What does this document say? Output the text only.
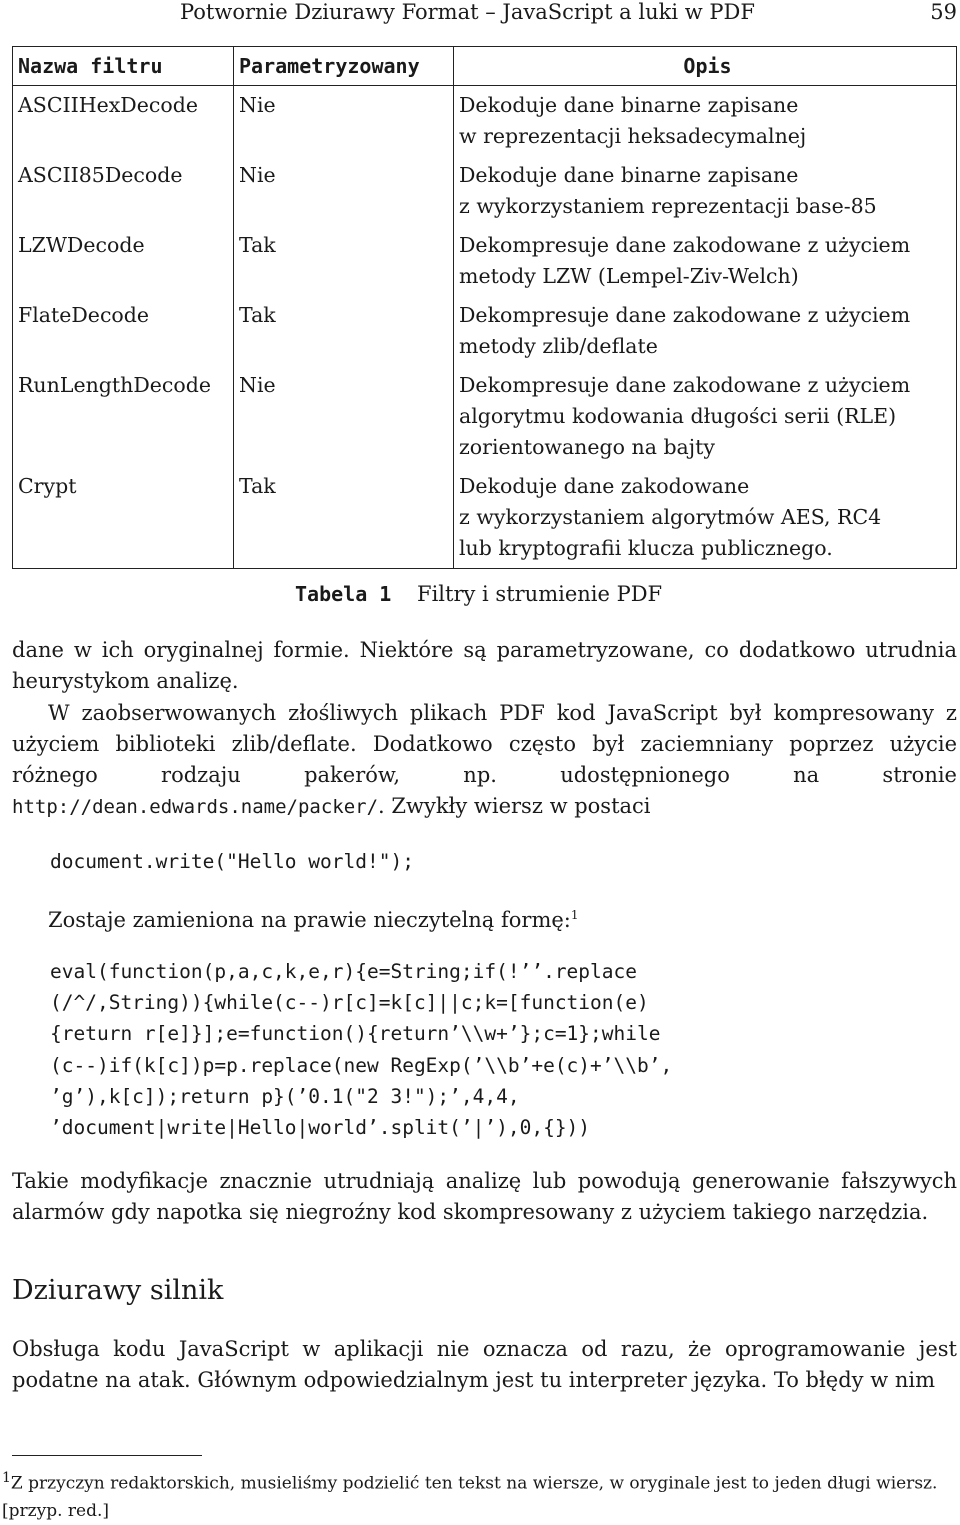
Potwornie Dziurawy Format – JavaScript a luki w PDF	59
Nazwa filtru	Parametryzowany	Opis
ASCIIHexDecode	Nie	Dekoduje dane binarne zapisane
w reprezentacji heksadecymalnej

ASCII85Decode	Nie	Dekoduje dane binarne zapisane
z wykorzystaniem reprezentacji base-85

LZWDecode	Tak	Dekompresuje dane zakodowane z użyciem
metody LZW (Lempel-Ziv-Welch)

FlateDecode	Tak	Dekompresuje dane zakodowane z użyciem
metody zlib/deflate

RunLengthDecode	Nie	Dekompresuje dane zakodowane z użyciem
algorytmu kodowania długości serii (RLE)
zorientowanego na bajty

Crypt	Tak	Dekoduje dane zakodowane
z wykorzystaniem algorytmów AES, RC4
lub kryptografii klucza publicznego.
Tabela 1 Filtry i strumienie PDF
dane w ich oryginalnej formie. Niektóre są parametryzowane, co dodatkowo utrudnia heurystykom analizę.
W zaobserwowanych złośliwych plikach PDF kod JavaScript był kompresowany z użyciem biblioteki zlib/deflate. Dodatkowo często był zaciemniany poprzez użycie różnego rodzaju pakerów, np. udostępnionego na stronie http://dean.edwards.name/packer/. Zwykły wiersz w postaci
document.write("Hello world!");
Zostaje zamieniona na prawie nieczytelną formę:$^1$
eval(function(p,a,c,k,e,r){e=String;if(!’’.replace
(/^/,String)){while(c--)r[c]=k[c]||c;k=[function(e)
{return r[e]}];e=function(){return’\\w+’};c=1};while
(c--)if(k[c])p=p.replace(new RegExp(’\\b’+e(c)+’\\b’,
’g’),k[c]);return p}(’0.1("2 3!");’,4,4,
’document|write|Hello|world’.split(’|’),0,{}))
Takie modyfikacje znacznie utrudniają analizę lub powodują generowanie fałszywych alarmów gdy napotka się niegroźny kod skompresowany z użyciem takiego narzędzia.
Dziurawy silnik
Obsługa kodu JavaScript w aplikacji nie oznacza od razu, że oprogramowanie jest podatne na atak. Głównym odpowiedzialnym jest tu interpreter języka. To błędy w nim
$^1$Z przyczyn redaktorskich, musieliśmy podzielić ten tekst na wiersze, w oryginale jest to jeden długi wiersz. [przyp. red.]
